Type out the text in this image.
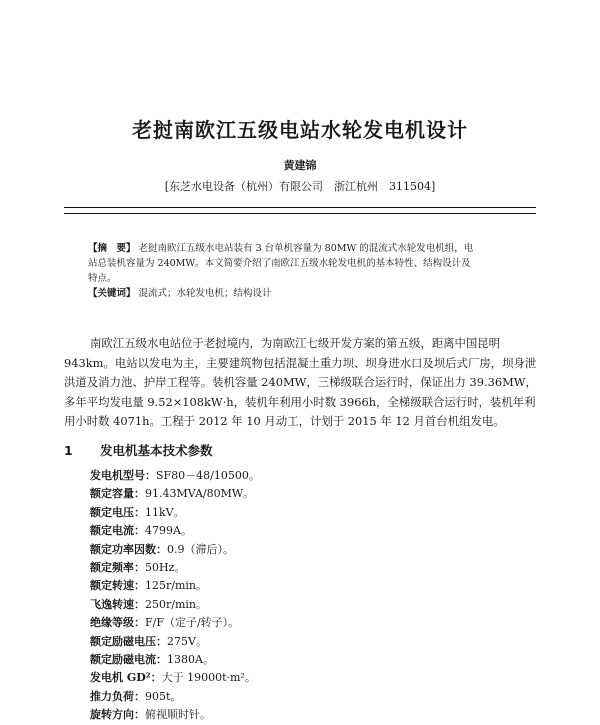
老挝南欧江五级电站水轮发电机设计
黄建锦
[东芝水电设备（杭州）有限公司　浙江杭州　311504]
【摘　要】 老挝南欧江五级水电站装有 3 台单机容量为 80MW 的混流式水轮发电机组，电
站总装机容量为 240MW。本文简要介绍了南欧江五级水轮发电机的基本特性、结构设计及
特点。
【关键词】 混流式；水轮发电机；结构设计
南欧江五级水电站位于老挝境内，为南欧江七级开发方案的第五级，距离中国昆明 943km。电站以发电为主，主要建筑物包括混凝土重力坝、坝身进水口及坝后式厂房，坝身泄洪道及消力池、护岸工程等。装机容量 240MW，三梯级联合运行时，保证出力 39.36MW，多年平均发电量 9.52×108kW·h，装机年利用小时数 3966h，全梯级联合运行时，装机年利用小时数 4071h。工程于 2012 年 10 月动工，计划于 2015 年 12 月首台机组发电。
1 发电机基本技术参数
发电机型号：SF80－48/10500。
额定容量：91.43MVA/80MW。
额定电压：11kV。
额定电流：4799A。
额定功率因数：0.9（滞后）。
额定频率：50Hz。
额定转速：125r/min。
飞逸转速：250r/min。
绝缘等级：F/F（定子/转子）。
额定励磁电压：275V。
额定励磁电流：1380A。
发电机 GD²：大于 19000t·m²。
推力负荷：905t。
旋转方向：俯视顺时针。
